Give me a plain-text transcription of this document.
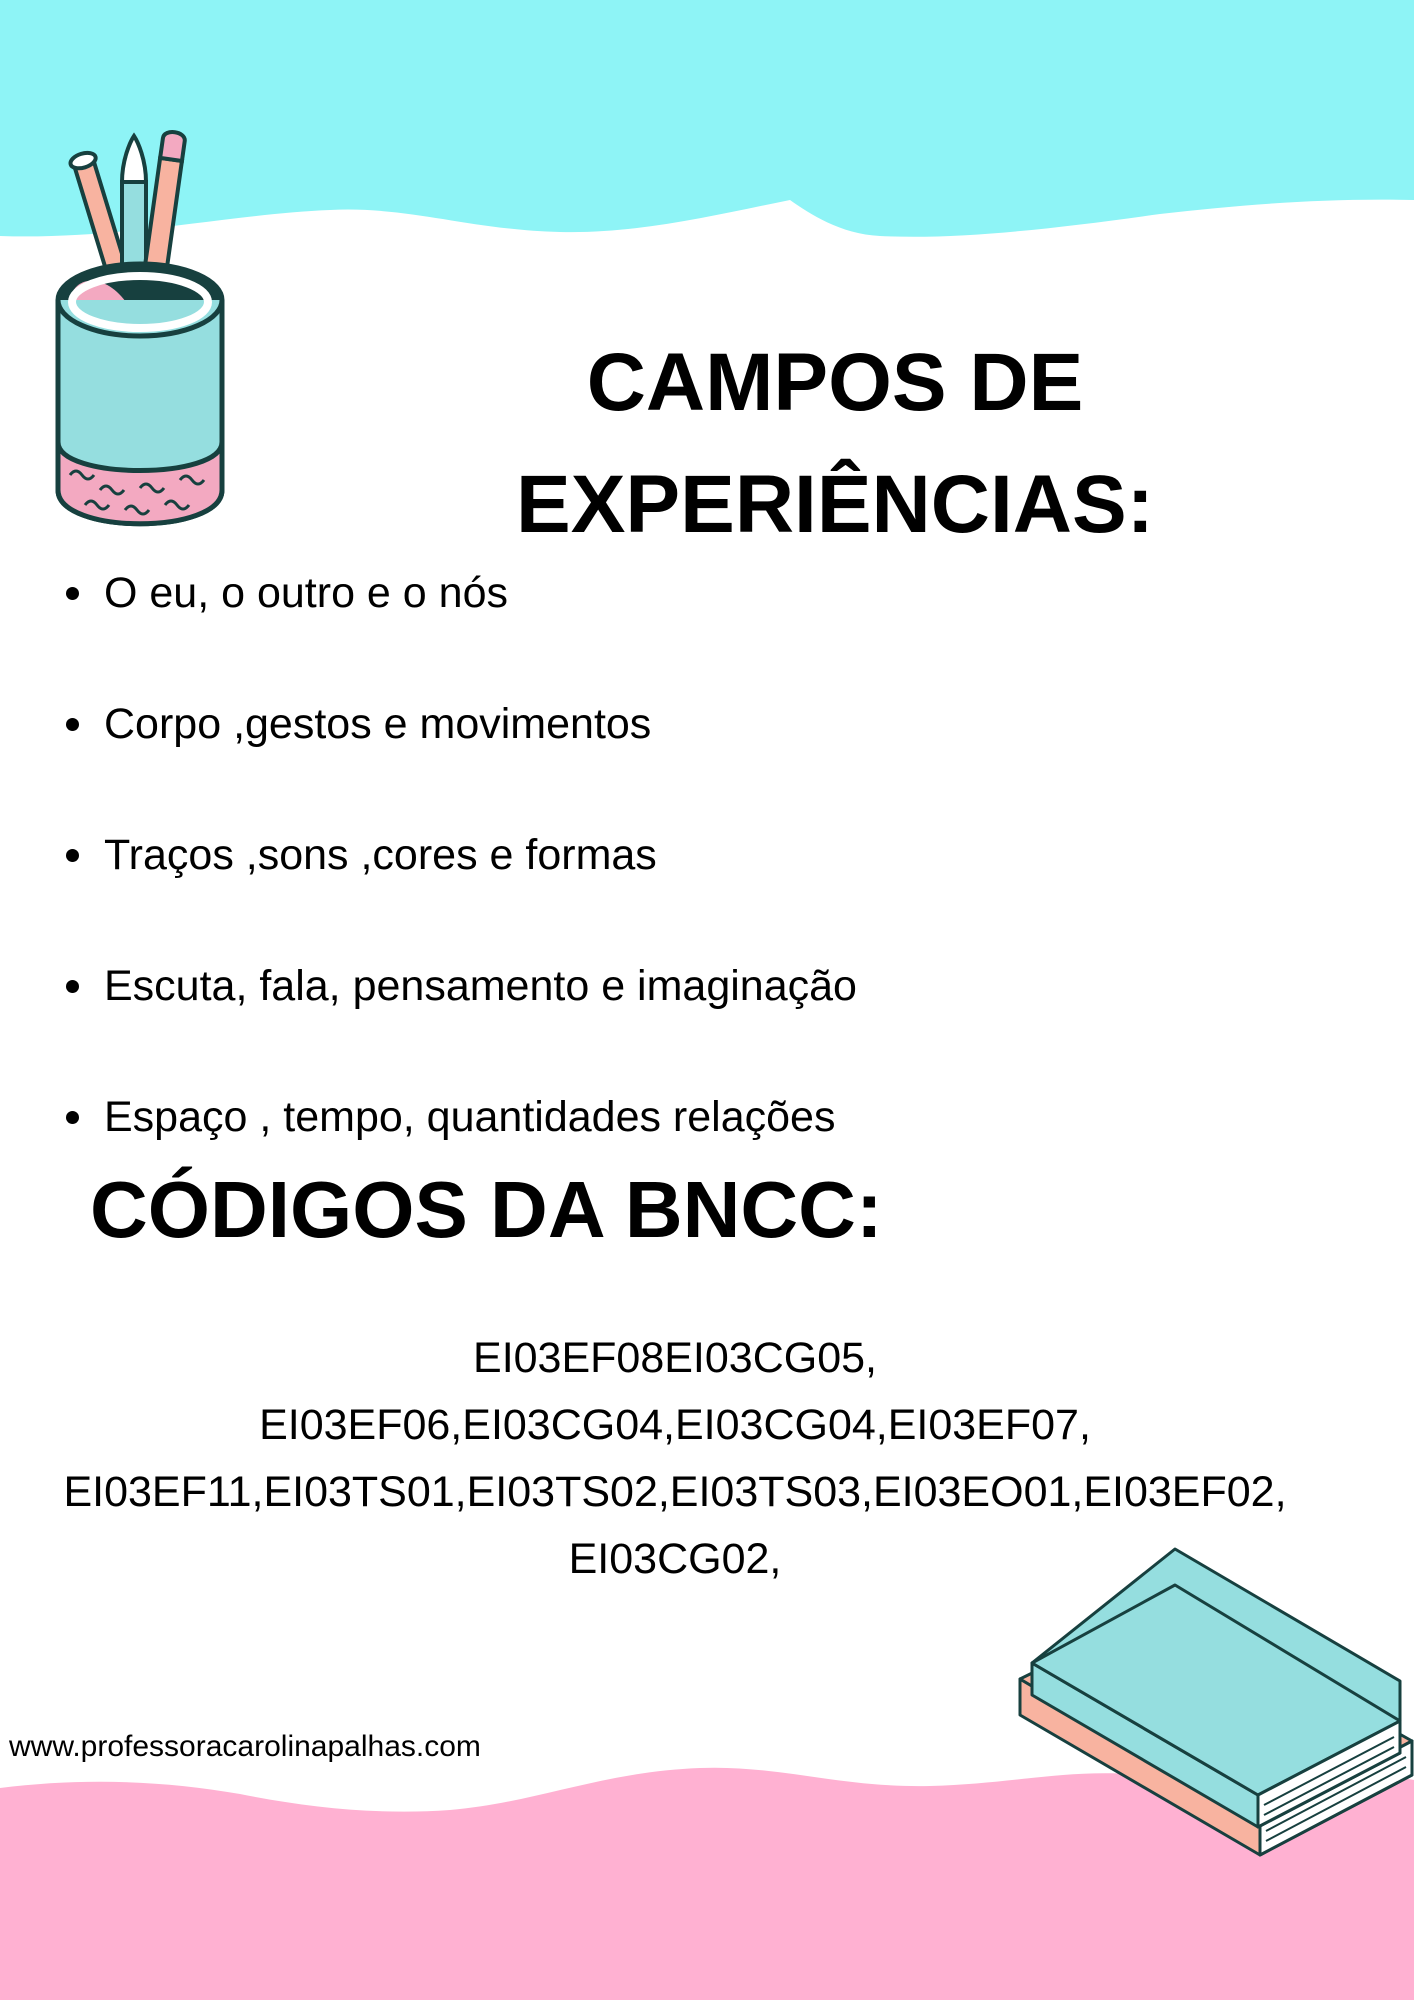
CAMPOS DE
EXPERIÊNCIAS:
O eu, o outro e o nós
Corpo ,gestos e movimentos
Traços ,sons ,cores e formas
Escuta, fala, pensamento e imaginação
Espaço , tempo, quantidades relações
CÓDIGOS DA BNCC:
EI03EF08EI03CG05,
EI03EF06,EI03CG04,EI03CG04,EI03EF07,
EI03EF11,EI03TS01,EI03TS02,EI03TS03,EI03EO01,EI03EF02,
EI03CG02,
www.professoracarolinapalhas.com
